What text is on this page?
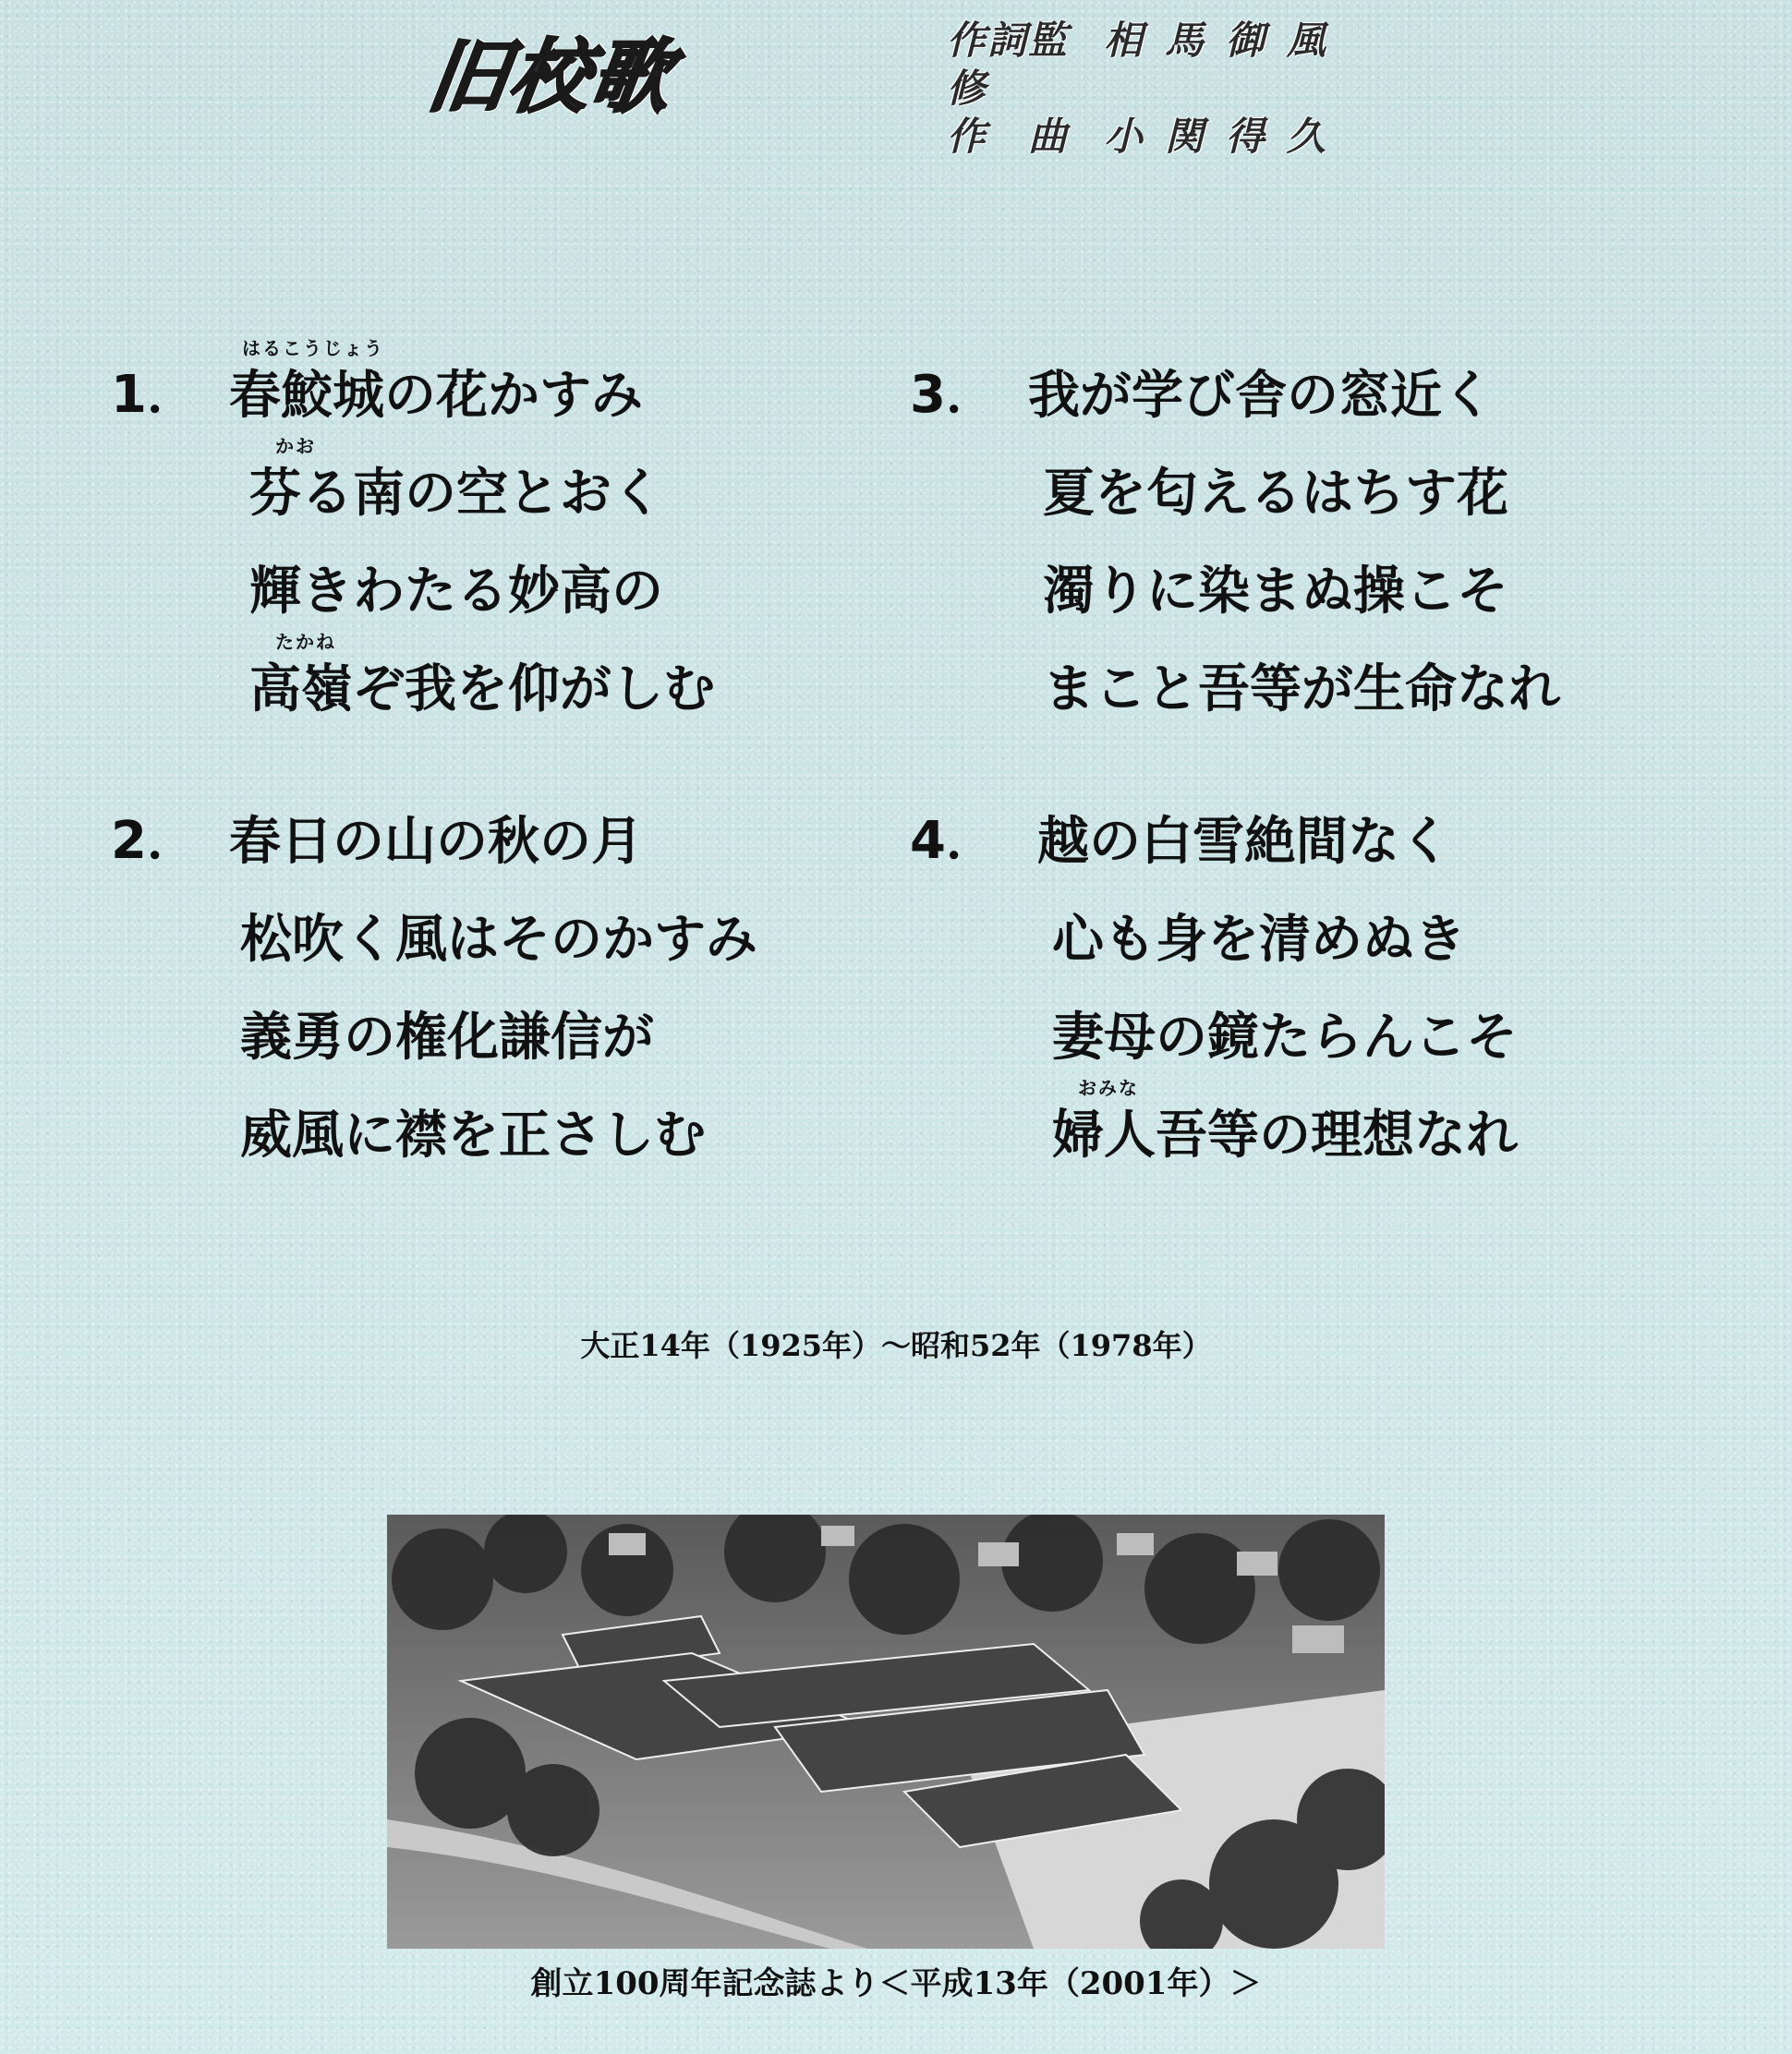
旧校歌	作詞監修
相馬御風
作　曲 小関得久
1．
はるこうじょう
春鮫城の花かすみ
かお
芬る南の空とおく
輝きわたる妙高の
たかね
高嶺ぞ我を仰がしむ
2． 春日の山の秋の月
松吹く風はそのかすみ
義勇の権化謙信が
威風に襟を正さしむ
3． 我が学び舎の窓近く
夏を匂えるはちす花
濁りに染まぬ操こそ
まこと吾等が生命なれ
4． 越の白雪絶間なく
心も身を清めぬき
妻母の鏡たらんこそ
おみな
婦人吾等の理想なれ
大正14年（1925年）～昭和52年（1978年）
創立100周年記念誌より＜平成13年（2001年）＞
